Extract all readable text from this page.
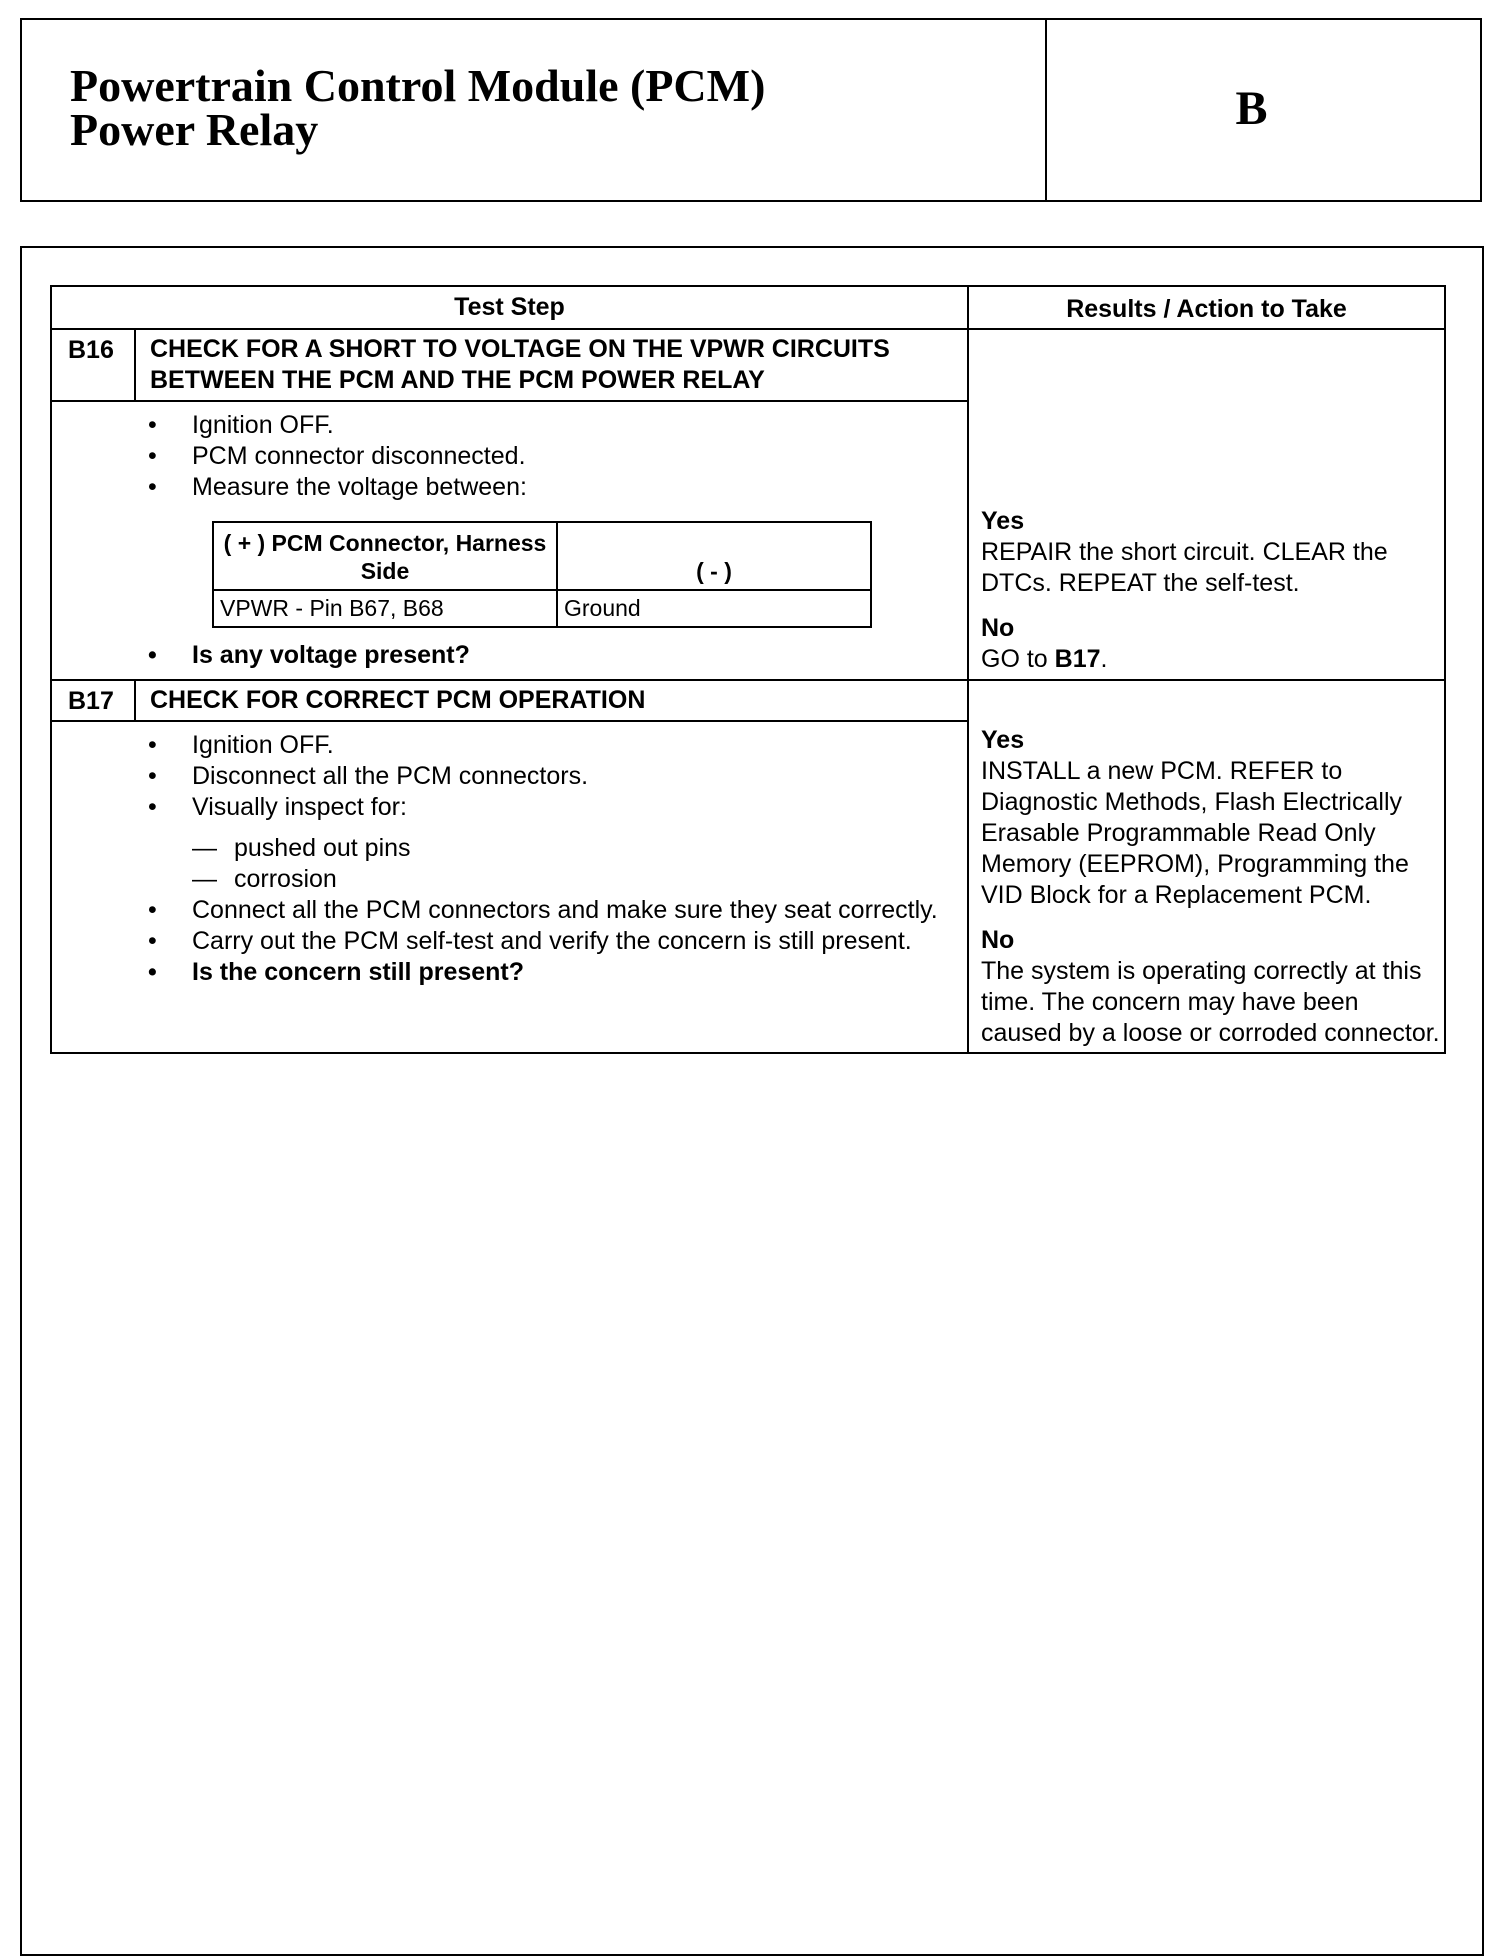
Powertrain Control Module (PCM)
Power Relay	B
Test Step	Results / Action to Take
B16	CHECK FOR A SHORT TO VOLTAGE ON THE VPWR CIRCUITS BETWEEN THE PCM AND THE PCM POWER RELAY
• Ignition OFF.
• PCM connector disconnected.
• Measure the voltage between:
( + ) PCM Connector, Harness Side	( - )
VPWR - Pin B67, B68	Ground
• Is any voltage present?
Yes
REPAIR the short circuit. CLEAR the DTCs. REPEAT the self-test.
No
GO to B17.
B17	CHECK FOR CORRECT PCM OPERATION
• Ignition OFF.
• Disconnect all the PCM connectors.
• Visually inspect for:
— pushed out pins
— corrosion
• Connect all the PCM connectors and make sure they seat correctly.
• Carry out the PCM self-test and verify the concern is still present.
• Is the concern still present?
Yes
INSTALL a new PCM. REFER to Diagnostic Methods, Flash Electrically Erasable Programmable Read Only Memory (EEPROM), Programming the VID Block for a Replacement PCM.
No
The system is operating correctly at this time. The concern may have been caused by a loose or corroded connector.
